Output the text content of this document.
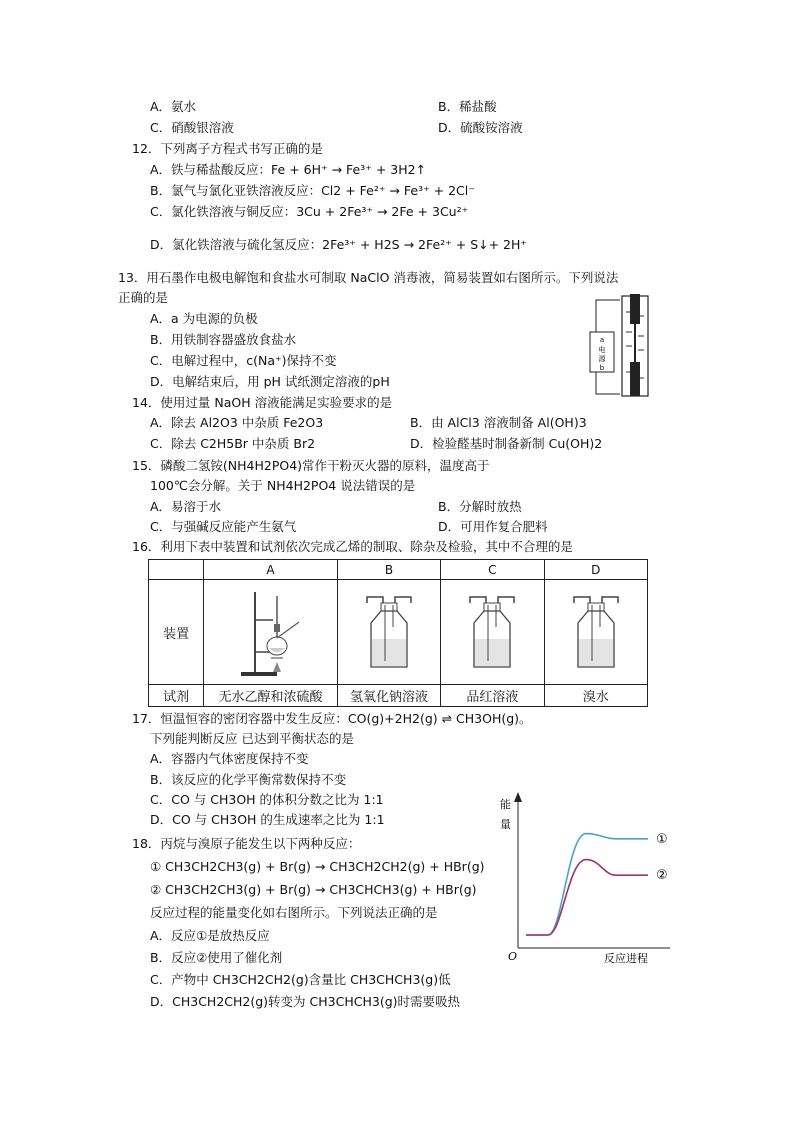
A．氨水	B．稀盐酸
C．硝酸银溶液	D．硫酸铵溶液
12．下列离子方程式书写正确的是
A．铁与稀盐酸反应：Fe + 6H⁺ → Fe³⁺ + 3H2↑
B．氯气与氯化亚铁溶液反应：Cl2 + Fe²⁺ → Fe³⁺ + 2Cl⁻
C．氯化铁溶液与铜反应：3Cu + 2Fe³⁺ → 2Fe + 3Cu²⁺
D．氯化铁溶液与硫化氢反应：2Fe³⁺ + H2S → 2Fe²⁺ + S↓+ 2H⁺
13．用石墨作电极电解饱和食盐水可制取 NaClO 消毒液，简易装置如右图所示。下列说法
正确的是
A．a 为电源的负极
B．用铁制容器盛放食盐水
C．电解过程中，c(Na⁺)保持不变
D．电解结束后，用 pH 试纸测定溶液的pH
a
电
源
b
14．使用过量 NaOH 溶液能满足实验要求的是
A．除去 Al2O3 中杂质 Fe2O3	B．由 AlCl3 溶液制备 Al(OH)3
C．除去 C2H5Br 中杂质 Br2	D．检验醛基时制备新制 Cu(OH)2
15．磷酸二氢铵(NH4H2PO4)常作干粉灭火器的原料，温度高于
100℃会分解。关于 NH4H2PO4 说法错误的是
A．易溶于水	B．分解时放热
C．与强碱反应能产生氨气	D．可用作复合肥料
16．利用下表中装置和试剂依次完成乙烯的制取、除杂及检验，其中不合理的是
	A	B	C	D
装置				
试剂	无水乙醇和浓硫酸	氢氧化钠溶液	品红溶液	溴水
17．恒温恒容的密闭容器中发生反应：CO(g)+2H2(g) ⇌ CH3OH(g)。
下列能判断反应 已达到平衡状态的是
A．容器内气体密度保持不变
B．该反应的化学平衡常数保持不变
C．CO 与 CH3OH 的体积分数之比为 1:1
D．CO 与 CH3OH 的生成速率之比为 1:1
18．丙烷与溴原子能发生以下两种反应：
① CH3CH2CH3(g) + Br(g) → CH3CH2CH2(g) + HBr(g)
② CH3CH2CH3(g) + Br(g) → CH3CHCH3(g) + HBr(g)
反应过程的能量变化如右图所示。下列说法正确的是
A．反应①是放热反应
B．反应②使用了催化剂
C．产物中 CH3CH2CH2(g)含量比 CH3CHCH3(g)低
D．CH3CH2CH2(g)转变为 CH3CHCH3(g)时需要吸热
能
量
O	反应进程
①
②
